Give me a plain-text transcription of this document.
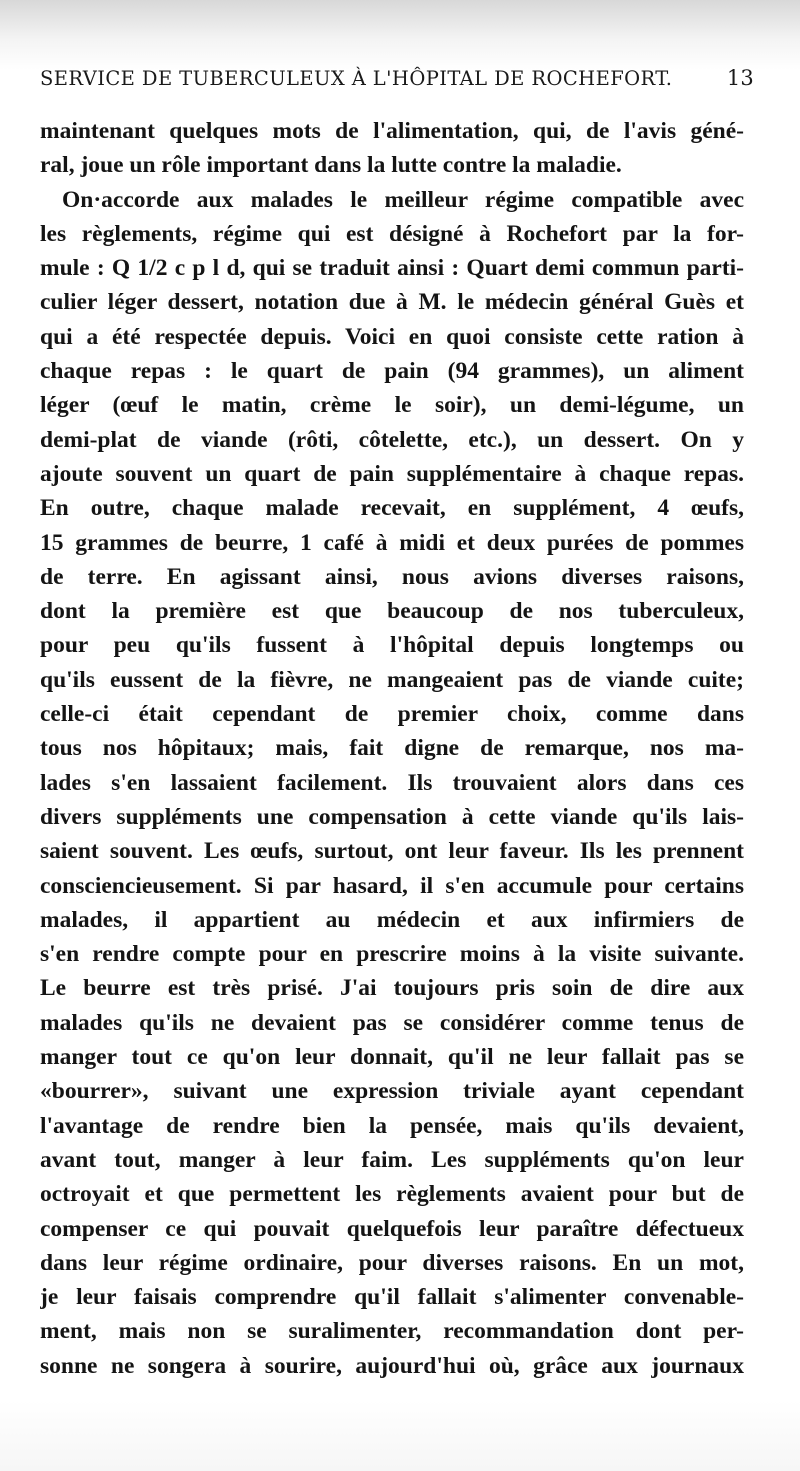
SERVICE DE TUBERCULEUX À L'HÔPITAL DE ROCHEFORT.	13
maintenant quelques mots de l'alimentation, qui, de l'avis géné-
ral, joue un rôle important dans la lutte contre la maladie.
On·accorde aux malades le meilleur régime compatible avec
les règlements, régime qui est désigné à Rochefort par la for-
mule : Q 1/2 c p l d, qui se traduit ainsi : Quart demi commun parti-
culier léger dessert, notation due à M. le médecin général Guès et
qui a été respectée depuis. Voici en quoi consiste cette ration à
chaque repas : le quart de pain (94 grammes), un aliment
léger (œuf le matin, crème le soir), un demi-légume, un
demi-plat de viande (rôti, côtelette, etc.), un dessert. On y
ajoute souvent un quart de pain supplémentaire à chaque repas.
En outre, chaque malade recevait, en supplément, 4 œufs,
15 grammes de beurre, 1 café à midi et deux purées de pommes
de terre. En agissant ainsi, nous avions diverses raisons,
dont la première est que beaucoup de nos tuberculeux,
pour peu qu'ils fussent à l'hôpital depuis longtemps ou
qu'ils eussent de la fièvre, ne mangeaient pas de viande cuite;
celle-ci était cependant de premier choix, comme dans
tous nos hôpitaux; mais, fait digne de remarque, nos ma-
lades s'en lassaient facilement. Ils trouvaient alors dans ces
divers suppléments une compensation à cette viande qu'ils lais-
saient souvent. Les œufs, surtout, ont leur faveur. Ils les prennent
consciencieusement. Si par hasard, il s'en accumule pour certains
malades, il appartient au médecin et aux infirmiers de
s'en rendre compte pour en prescrire moins à la visite suivante.
Le beurre est très prisé. J'ai toujours pris soin de dire aux
malades qu'ils ne devaient pas se considérer comme tenus de
manger tout ce qu'on leur donnait, qu'il ne leur fallait pas se
«bourrer», suivant une expression triviale ayant cependant
l'avantage de rendre bien la pensée, mais qu'ils devaient,
avant tout, manger à leur faim. Les suppléments qu'on leur
octroyait et que permettent les règlements avaient pour but de
compenser ce qui pouvait quelquefois leur paraître défectueux
dans leur régime ordinaire, pour diverses raisons. En un mot,
je leur faisais comprendre qu'il fallait s'alimenter convenable-
ment, mais non se suralimenter, recommandation dont per-
sonne ne songera à sourire, aujourd'hui où, grâce aux journaux
